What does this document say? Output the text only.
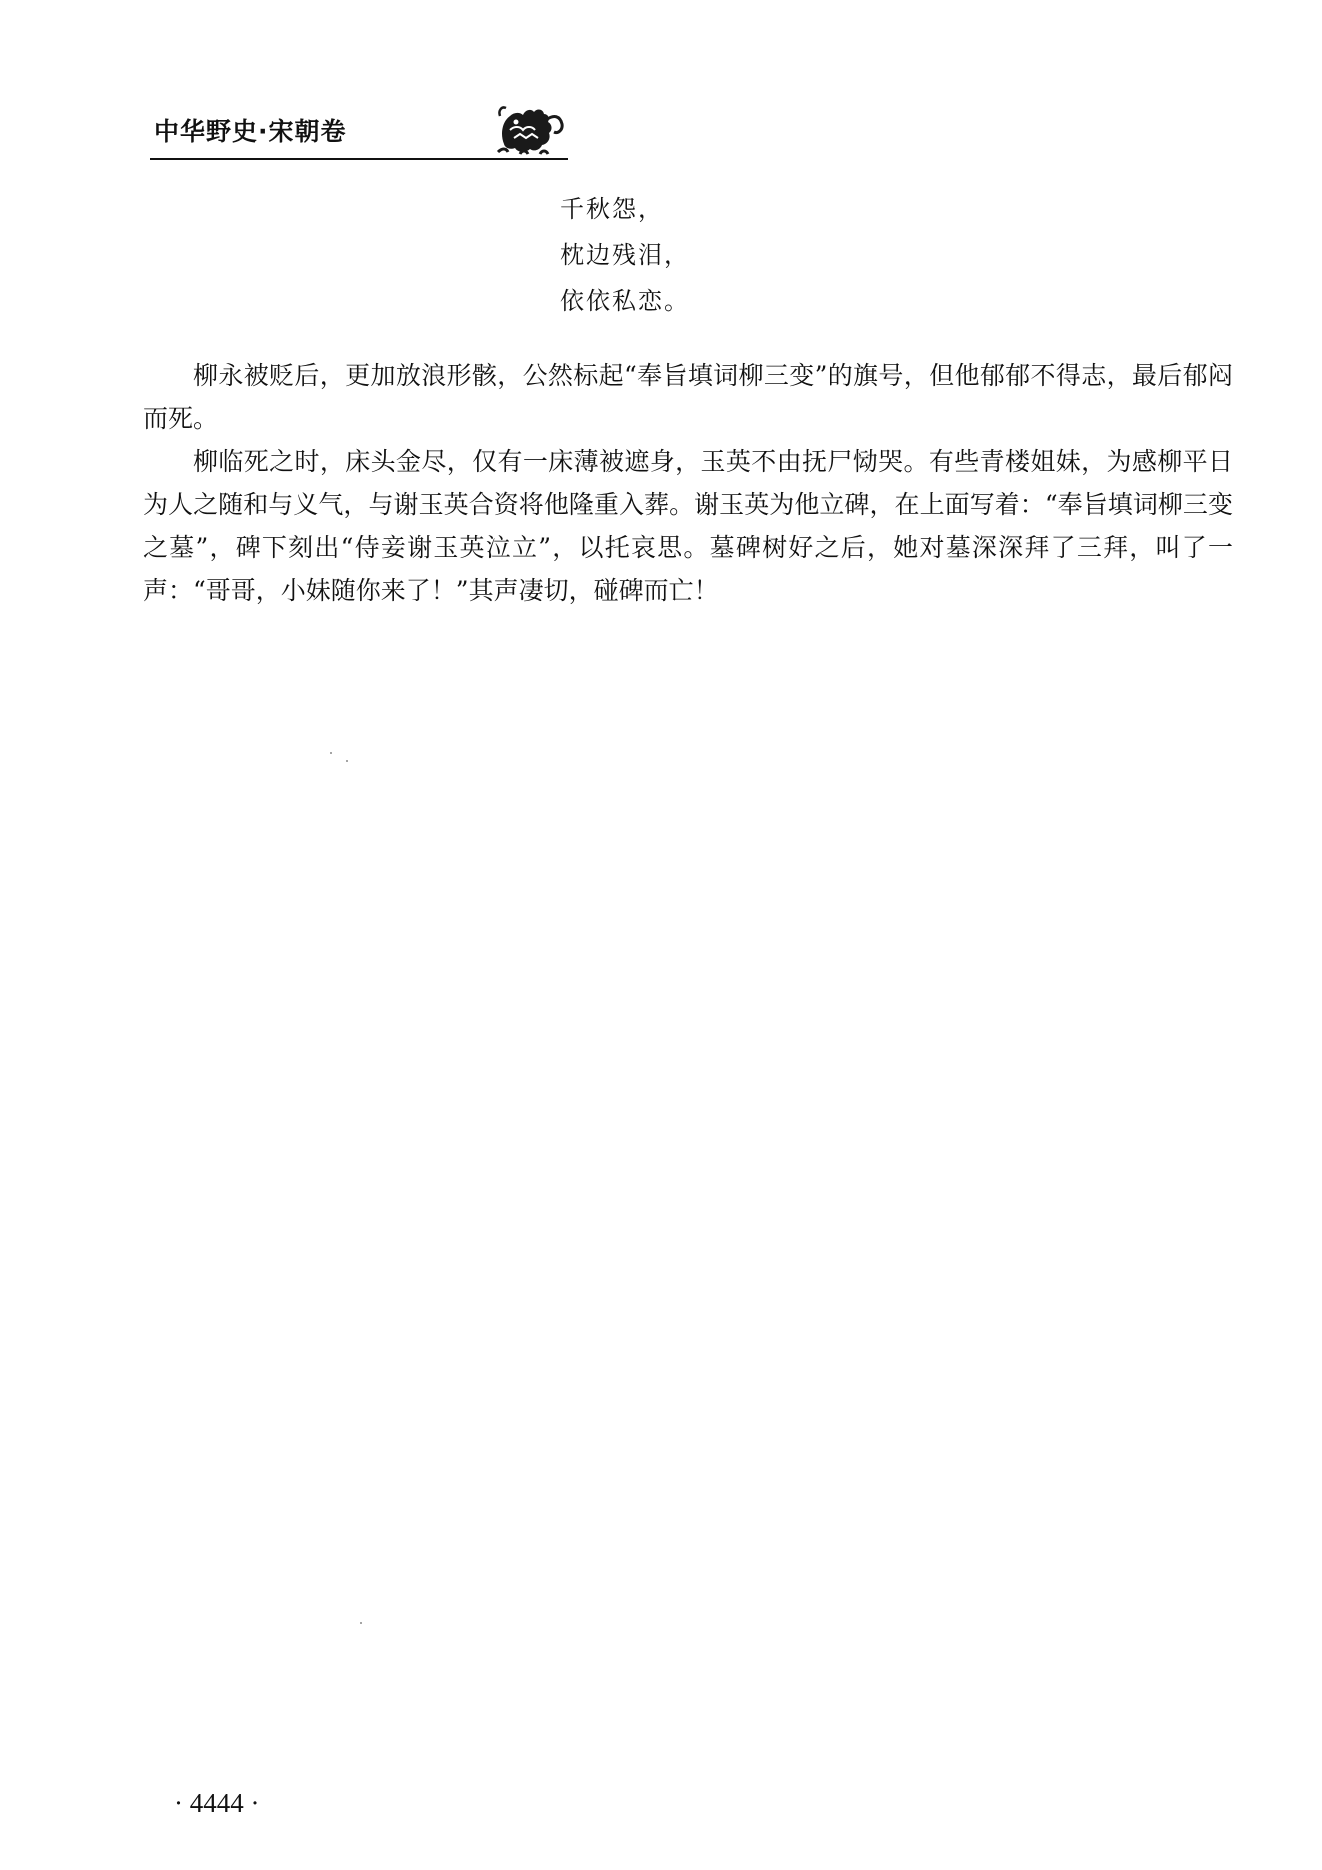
中华野史·宋朝卷
千秋怨，
枕边残泪，
依依私恋。

柳永被贬后，更加放浪形骸，公然标起“奉旨填词柳三变”的旗号，但他郁郁不得志，最后郁闷而死。

柳临死之时，床头金尽，仅有一床薄被遮身，玉英不由抚尸恸哭。有些青楼姐妹，为感柳平日为人之随和与义气，与谢玉英合资将他隆重入葬。谢玉英为他立碑，在上面写着：“奉旨填词柳三变之墓”，碑下刻出“侍妾谢玉英泣立”，以托哀思。墓碑树好之后，她对墓深深拜了三拜，叫了一声：“哥哥，小妹随你来了！”其声凄切，碰碑而亡！

· 4444 ·
